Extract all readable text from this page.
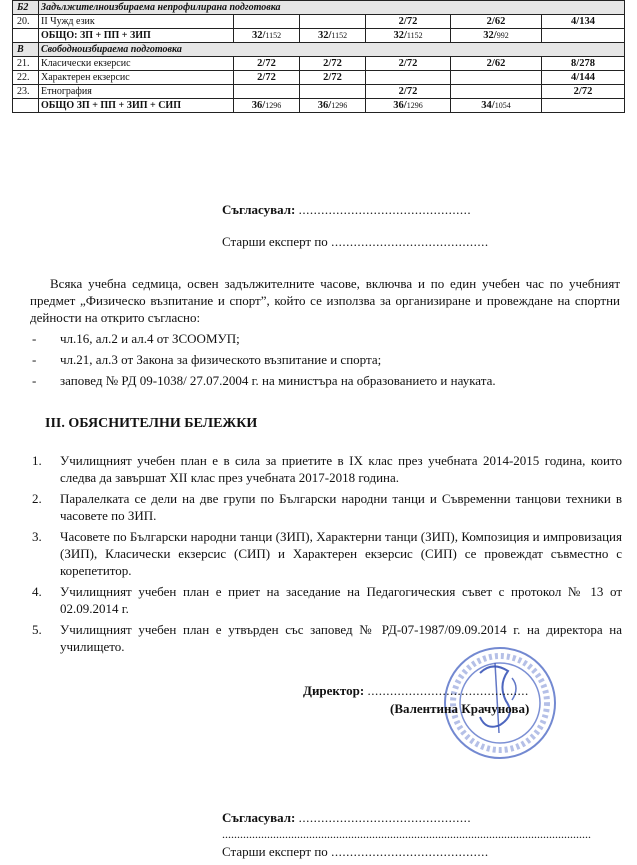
Б2	Задължителноизбираема непрофилирана подготовка					
20.	II Чужд език			2/72	2/62	4/134
	ОБЩО: ЗП + ПП + ЗИП	32/1152	32/1152	32/1152	32/992	
В	Свободноизбираема подготовка					
21.	Класически екзерсис	2/72	2/72	2/72	2/62	8/278
22.	Характерен екзерсис	2/72	2/72			4/144
23.	Етнография			2/72		2/72
	ОБЩО ЗП + ПП + ЗИП + СИП	36/1296	36/1296	36/1296	34/1054	
Съгласувал: ..............................................
Старши експерт по ..........................................

Всяка учебна седмица, освен задължителните часове, включва и по един учебен час по учебният предмет „Физическо възпитание и спорт”, който се използва за организиране и провеждане на спортни дейности на открито съгласно:

- чл.16, ал.2 и ал.4 от ЗСООМУП;
- чл.21, ал.3 от Закона за физическото възпитание и спорта;
- заповед № РД 09-1038/ 27.07.2004 г. на министъра на образованието и науката.
III. ОБЯСНИТЕЛНИ БЕЛЕЖКИ
1. Училищният учебен план е в сила за приетите в IX клас през учебната 2014-2015 година, които следва да завършат XII клас през учебната 2017-2018 година.
2. Паралелката се дели на две групи по Български народни танци и Съвременни танцови техники в часовете по ЗИП.
3. Часовете по Български народни танци (ЗИП), Характерни танци (ЗИП), Композиция и импровизация (ЗИП), Класически екзерсис (СИП) и Характерен екзерсис (СИП) се провеждат съвместно с корепетитор.
4. Училищният учебен план е приет на заседание на Педагогическия съвет с протокол № 13 от 02.09.2014 г.
5. Училищният учебен план е утвърден със заповед № РД-07-1987/09.09.2014 г. на директора на училището.
Директор: ...........................................
(Валентина Крачунова)
Съгласувал: ..............................................
...........................................................................................................................
Старши експерт по ..........................................
